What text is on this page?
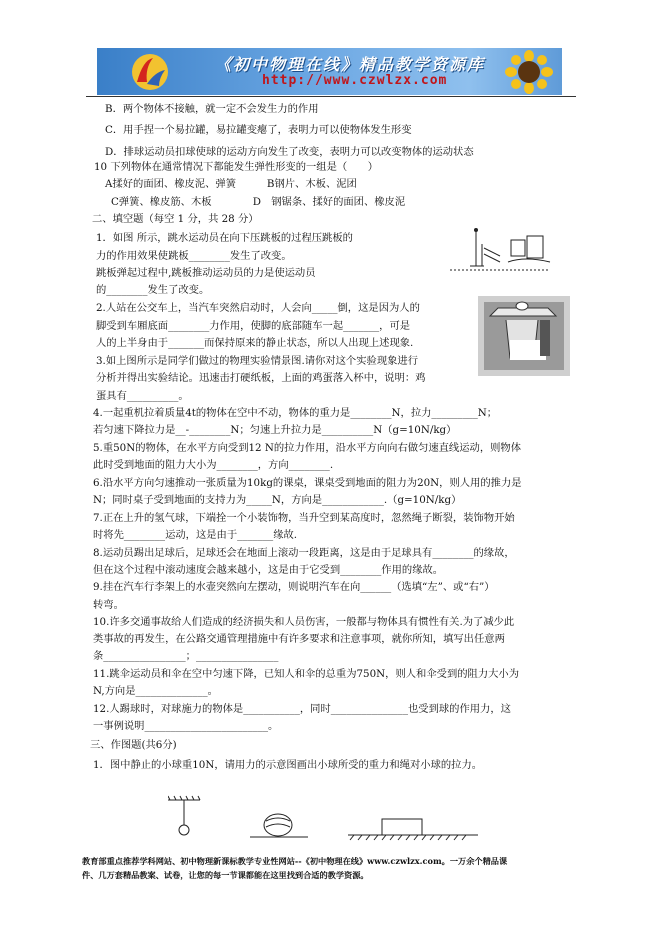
《初中物理在线》精品教学资源库
http://www.czwlzx.com
B．两个物体不接触，就一定不会发生力的作用
C．用手捏一个易拉罐，易拉罐变瘪了，表明力可以使物体发生形变
D．排球运动员扣球使球的运动方向发生了改变，表明力可以改变物体的运动状态
10 下列物体在通常情况下都能发生弹性形变的一组是（　　）
A揉好的面团、橡皮泥、弹簧　　　B钢片、木板、泥团
C弹簧、橡皮筋、木板　　　　D　钢锯条、揉好的面团、橡皮泥
二、填空题（每空 1 分，共 28 分）
1．如图 所示，跳水运动员在向下压跳板的过程压跳板的
力的作用效果使跳板________发生了改变。
跳板弹起过程中,跳板推动运动员的力是使运动员
的________发生了改变。
2.人站在公交车上，当汽车突然启动时，人会向_____倒，这是因为人的
脚受到车厢底面________力作用，使脚的底部随车一起_______，可是
人的上半身由于_______而保持原来的静止状态，所以人出现上述现象.
3.如上图所示是同学们做过的物理实验情景图.请你对这个实验现象进行
分析并得出实验结论。迅速击打硬纸板，上面的鸡蛋落入杯中，说明：鸡
蛋具有__________。
4.一起重机拉着质量4t的物体在空中不动，物体的重力是________N，拉力_________N；
若匀速下降拉力是__-________N；匀速上升拉力是__________N（g=10N/kg）
5.重50N的物体，在水平方向受到12 N的拉力作用，沿水平方向向右做匀速直线运动，则物体
此时受到地面的阻力大小为________，方向________.
6.沿水平方向匀速推动一张质量为10kg的课桌，课桌受到地面的阻力为20N，则人用的推力是
N；同时桌子受到地面的支持力为_____N，方向是____________.（g=10N/kg）
7.正在上升的氢气球，下端拴一个小装饰物，当升空到某高度时，忽然绳子断裂，装饰物开始
时将先________运动，这是由于_______缘故.
8.运动员踢出足球后，足球还会在地面上滚动一段距离，这是由于足球具有________的缘故，
但在这个过程中滚动速度会越来越小，这是由于它受到________作用的缘故。
9.挂在汽车行李架上的水壶突然向左摆动，则说明汽车在向______（选填“左”、或“右”）
转弯。
10.许多交通事故给人们造成的经济损失和人员伤害，一般都与物体具有惯性有关.为了减少此
类事故的再发生，在公路交通管理措施中有许多要求和注意事项，就你所知，填写出任意两
条________________；________________
11.跳伞运动员和伞在空中匀速下降，已知人和伞的总重为750N，则人和伞受到的阻力大小为
N,方向是______________。
12.人踢球时，对球施力的物体是___________，同时_______________也受到球的作用力，这
一事例说明________________________。
三、作图题(共6分)
1．图中静止的小球重10N，请用力的示意图画出小球所受的重力和绳对小球的拉力。
教育部重点推荐学科网站、初中物理新课标教学专业性网站--《初中物理在线》www.czwlzx.com。一万余个精品课
件、几万套精品教案、试卷，让您的每一节课都能在这里找到合适的教学资源。
